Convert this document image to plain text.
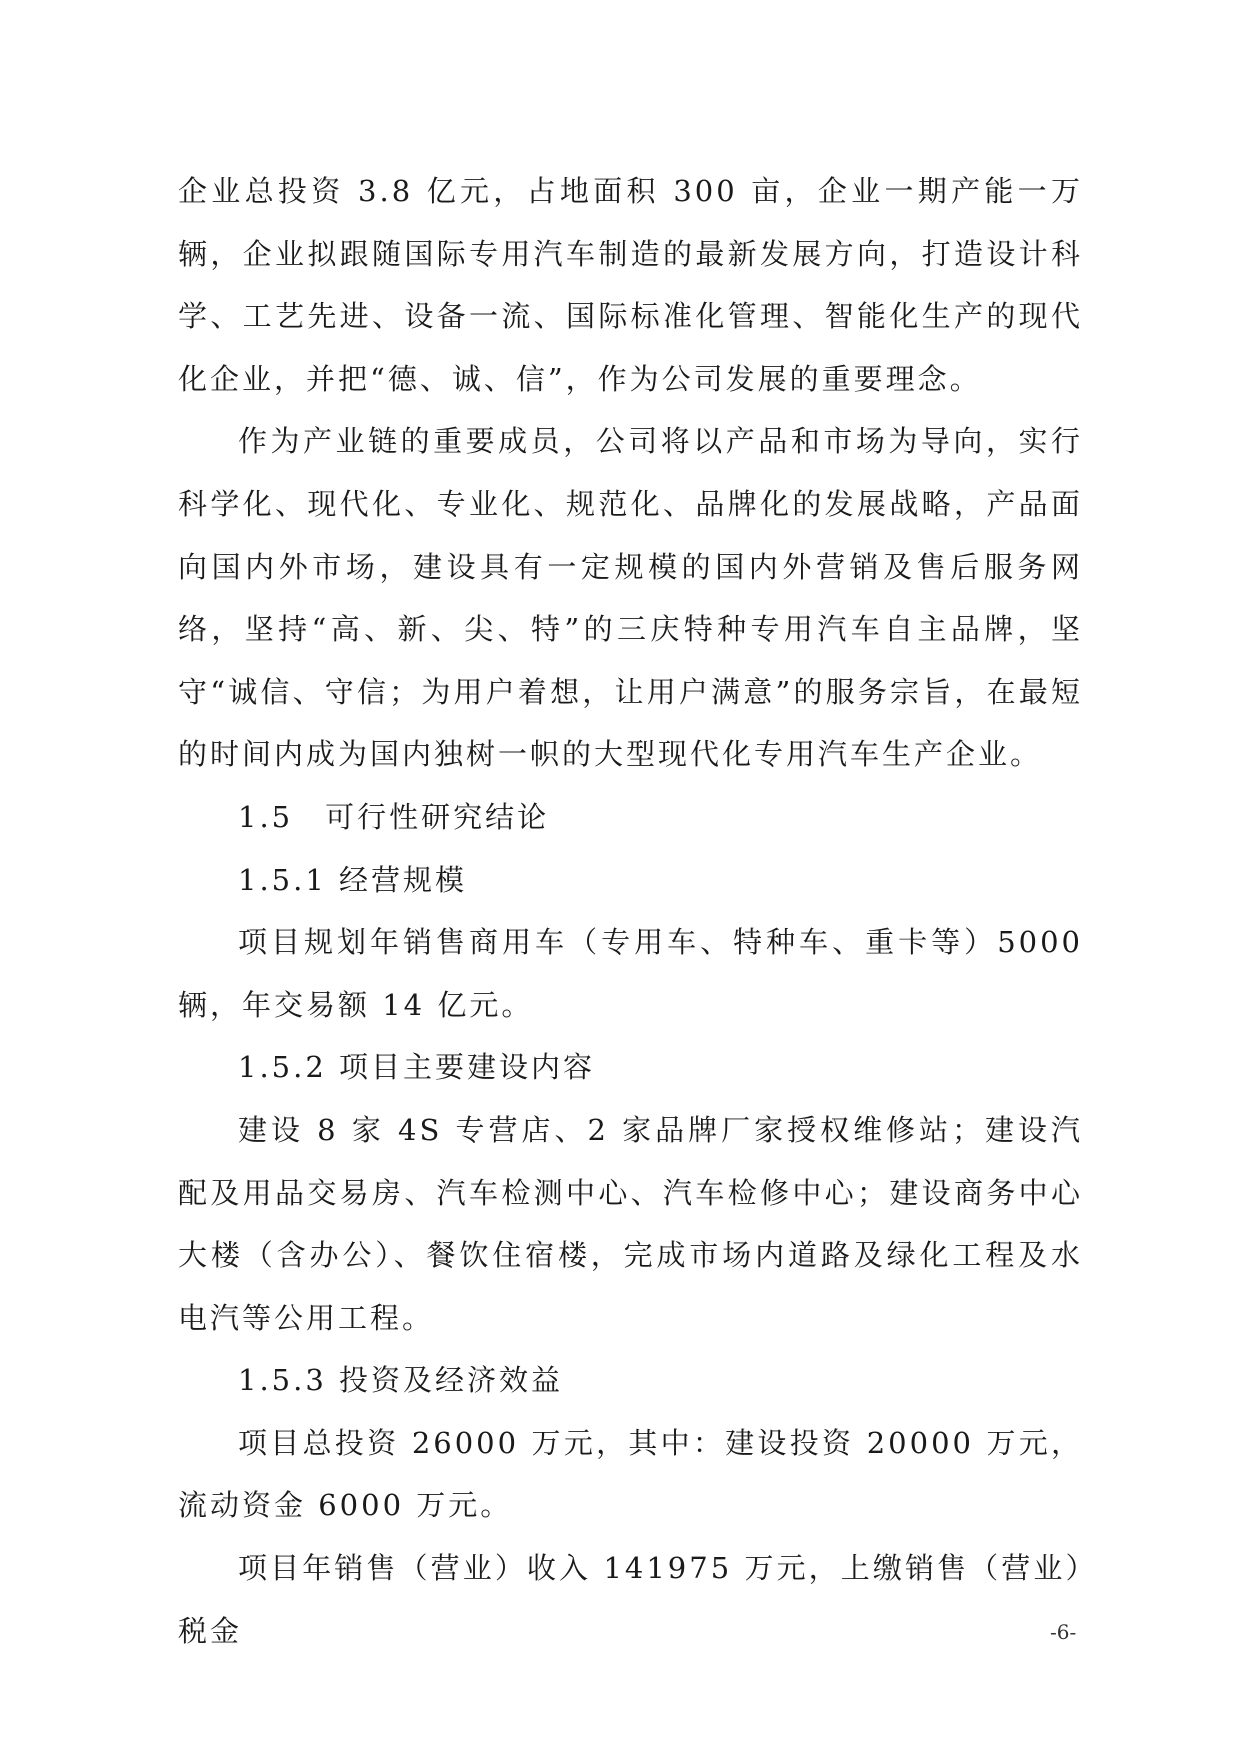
企业总投资 3.8 亿元，占地面积 300 亩，企业一期产能一万辆，企业拟跟随国际专用汽车制造的最新发展方向，打造设计科学、工艺先进、设备一流、国际标准化管理、智能化生产的现代化企业，并把“德、诚、信”，作为公司发展的重要理念。

作为产业链的重要成员，公司将以产品和市场为导向，实行科学化、现代化、专业化、规范化、品牌化的发展战略，产品面向国内外市场，建设具有一定规模的国内外营销及售后服务网络，坚持“高、新、尖、特”的三庆特种专用汽车自主品牌，坚守“诚信、守信；为用户着想，让用户满意”的服务宗旨，在最短的时间内成为国内独树一帜的大型现代化专用汽车生产企业。

1.5　可行性研究结论

1.5.1 经营规模

项目规划年销售商用车（专用车、特种车、重卡等）5000 辆，年交易额 14 亿元。

1.5.2 项目主要建设内容

建设 8 家 4S 专营店、2 家品牌厂家授权维修站；建设汽配及用品交易房、汽车检测中心、汽车检修中心；建设商务中心大楼（含办公）、餐饮住宿楼，完成市场内道路及绿化工程及水电汽等公用工程。

1.5.3 投资及经济效益

项目总投资 26000 万元，其中：建设投资 20000 万元，流动资金 6000 万元。

项目年销售（营业）收入 141975 万元，上缴销售（营业）税金	-6-
